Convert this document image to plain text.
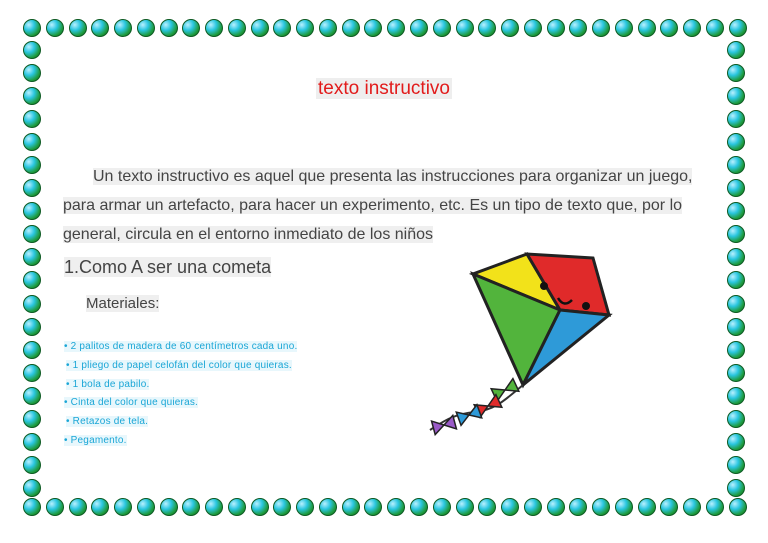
texto instructivo
Un texto instructivo es aquel que presenta las instrucciones para organizar un juego, para armar un artefacto, para hacer un experimento, etc. Es un tipo de texto que, por lo general, circula en el entorno inmediato de los niños
1.Como A ser una cometa
Materiales:
• 2 palitos de madera de 60 centímetros cada uno.
• 1 pliego de papel celofán del color que quieras.
• 1 bola de pabilo.
• Cinta del color que quieras.
• Retazos de tela.
• Pegamento.
